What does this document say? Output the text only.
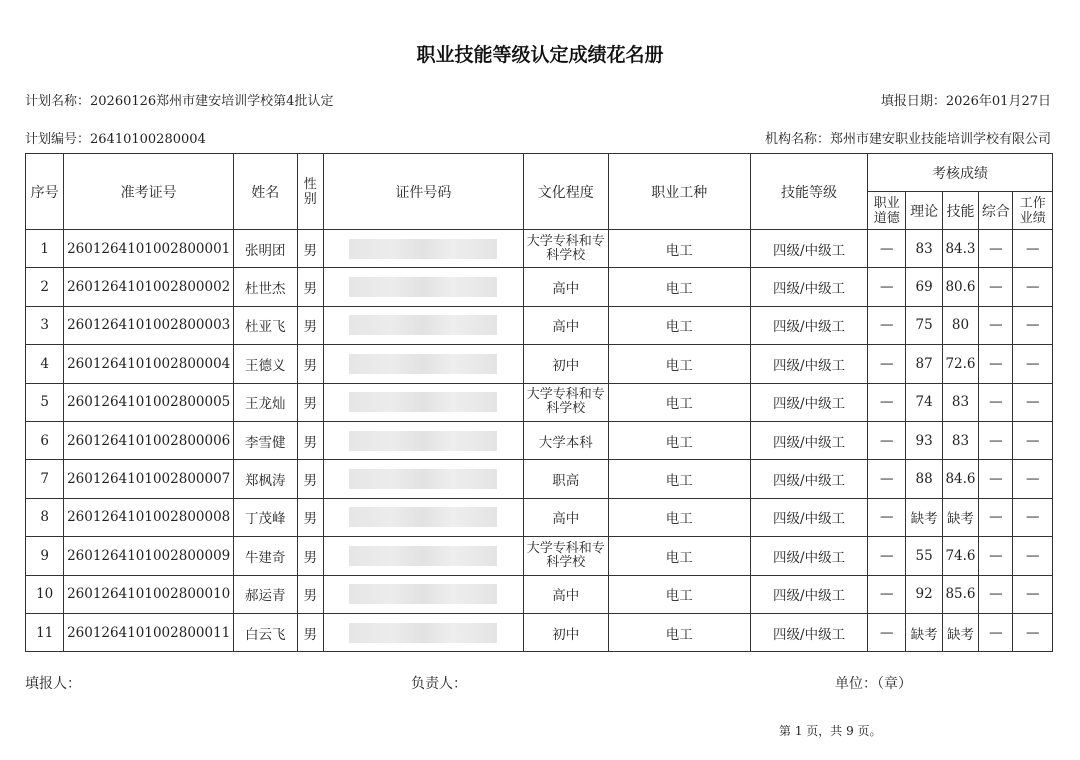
职业技能等级认定成绩花名册
计划名称：20260126郑州市建安培训学校第4批认定	填报日期：2026年01月27日
计划编号：26410100280004	机构名称：郑州市建安职业技能培训学校有限公司
序号	准考证号	姓名	性别	证件号码	文化程度	职业工种	技能等级	考核成绩				
								职业道德	理论	技能	综合	工作业绩
1	2601264101002800001	张明团	男		大学专科和专科学校	电工	四级/中级工	—	83	84.3	—	—
2	2601264101002800002	杜世杰	男		高中	电工	四级/中级工	—	69	80.6	—	—
3	2601264101002800003	杜亚飞	男		高中	电工	四级/中级工	—	75	80	—	—
4	2601264101002800004	王德义	男		初中	电工	四级/中级工	—	87	72.6	—	—
5	2601264101002800005	王龙灿	男		大学专科和专科学校	电工	四级/中级工	—	74	83	—	—
6	2601264101002800006	李雪健	男		大学本科	电工	四级/中级工	—	93	83	—	—
7	2601264101002800007	郑枫涛	男		职高	电工	四级/中级工	—	88	84.6	—	—
8	2601264101002800008	丁茂峰	男		高中	电工	四级/中级工	—	缺考	缺考	—	—
9	2601264101002800009	牛建奇	男		大学专科和专科学校	电工	四级/中级工	—	55	74.6	—	—
10	2601264101002800010	郝运青	男		高中	电工	四级/中级工	—	92	85.6	—	—
11	2601264101002800011	白云飞	男		初中	电工	四级/中级工	—	缺考	缺考	—	—
填报人：	负责人：	单位：（章）
第 1 页，共 9 页。
